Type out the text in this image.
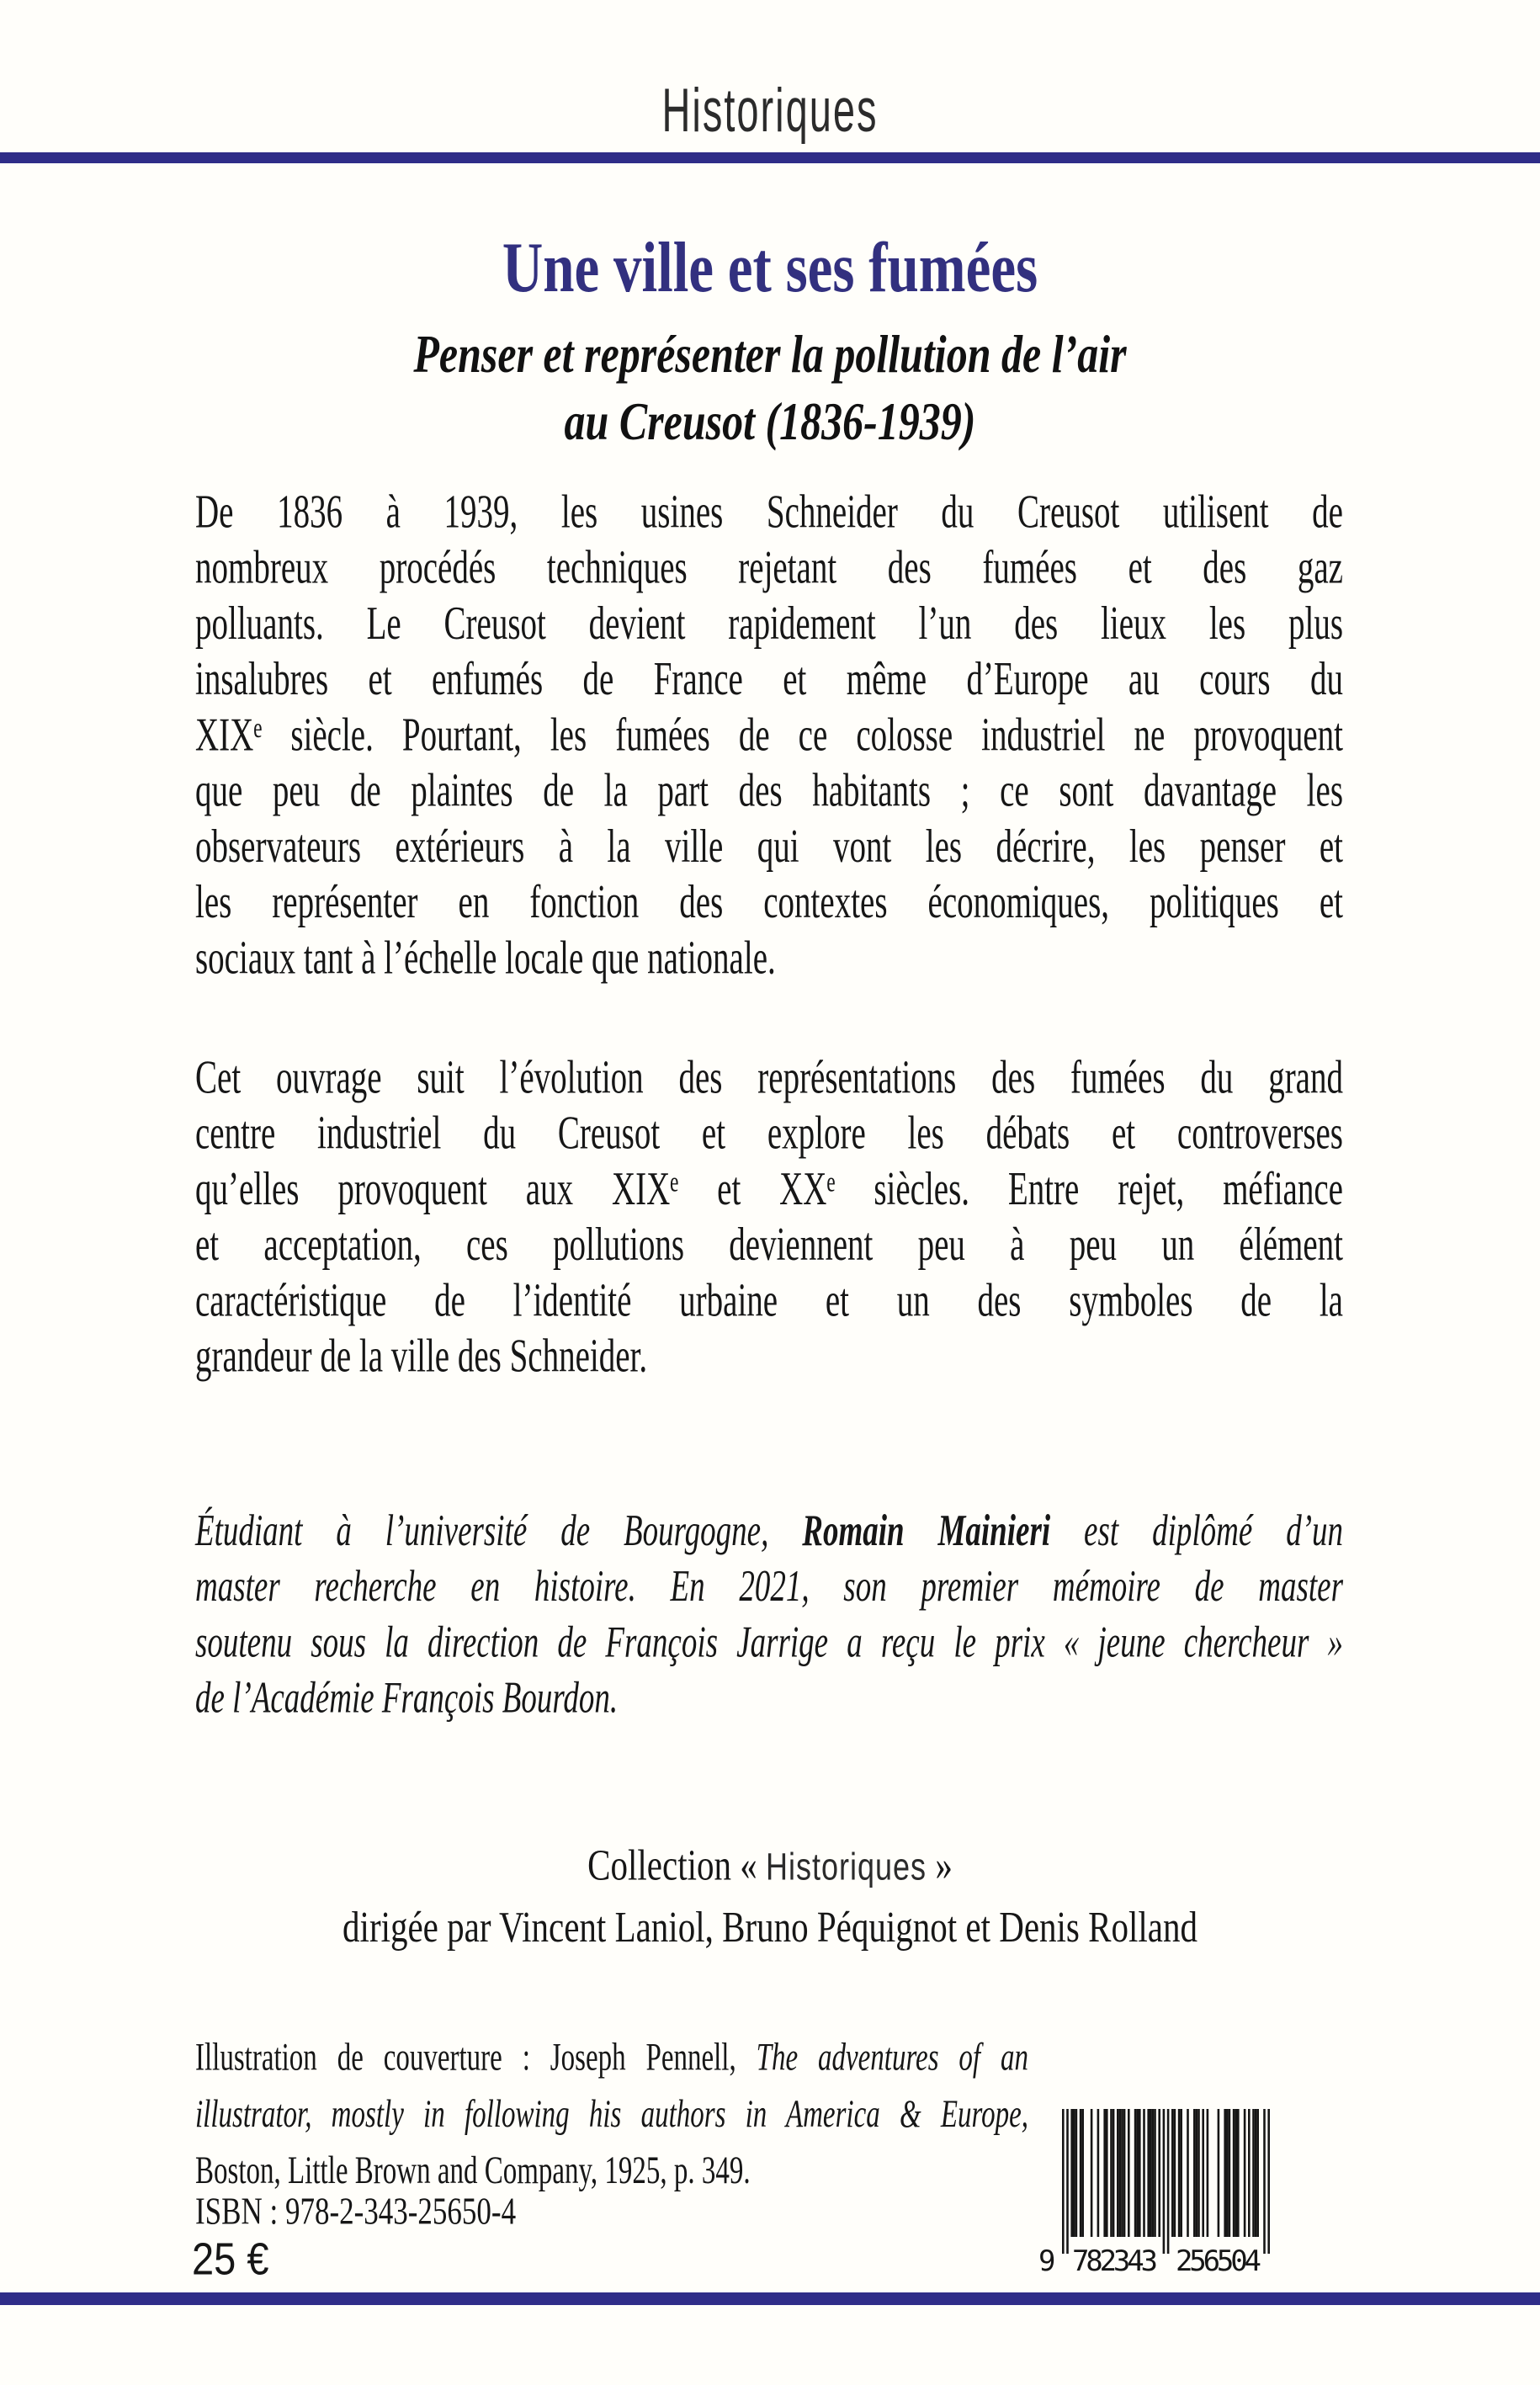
Historiques
Une ville et ses fumées
Penser et représenter la pollution de l’air
au Creusot (1836-1939)
De 1836 à 1939, les usines Schneider du Creusot utilisent de
nombreux procédés techniques rejetant des fumées et des gaz
polluants. Le Creusot devient rapidement l’un des lieux les plus
insalubres et enfumés de France et même d’Europe au cours du
XIXᵉ siècle. Pourtant, les fumées de ce colosse industriel ne provoquent
que peu de plaintes de la part des habitants ; ce sont davantage les
observateurs extérieurs à la ville qui vont les décrire, les penser et
les représenter en fonction des contextes économiques, politiques et
sociaux tant à l’échelle locale que nationale.
Cet ouvrage suit l’évolution des représentations des fumées du grand
centre industriel du Creusot et explore les débats et controverses
qu’elles provoquent aux XIXᵉ et XXᵉ siècles. Entre rejet, méfiance
et acceptation, ces pollutions deviennent peu à peu un élément
caractéristique de l’identité urbaine et un des symboles de la
grandeur de la ville des Schneider.
Étudiant à l’université de Bourgogne, Romain Mainieri est diplômé d’un
master recherche en histoire. En 2021, son premier mémoire de master
soutenu sous la direction de François Jarrige a reçu le prix « jeune chercheur »
de l’Académie François Bourdon.
Collection « Historiques »
dirigée par Vincent Laniol, Bruno Péquignot et Denis Rolland
Illustration de couverture : Joseph Pennell, The adventures of an
illustrator, mostly in following his authors in America & Europe,
Boston, Little Brown and Company, 1925, p. 349.
ISBN : 978-2-343-25650-4
25 €	9 782343 256504
